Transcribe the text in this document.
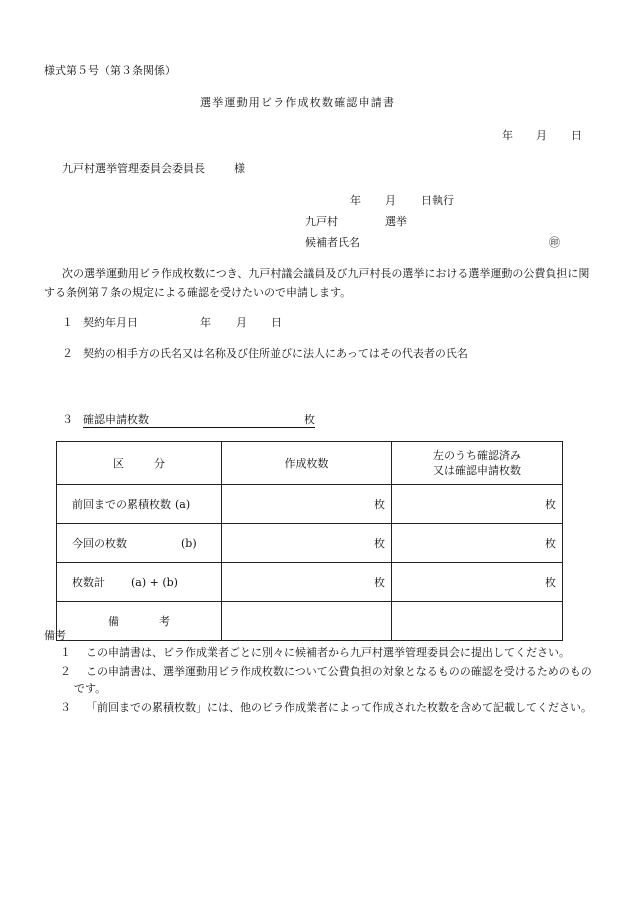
様式第５号（第３条関係）
選挙運動用ビラ作成枚数確認申請書
年 月 日
九戸村選挙管理委員会委員長	様
年 月 日執行
九戸村	選挙
候補者氏名	㊞
次の選挙運動用ビラ作成枚数につき、九戸村議会議員及び九戸村長の選挙における選挙運動の公費負担に関する条例第７条の規定による確認を受けたいので申請します。
１ 契約年月日	年 月 日
２ 契約の相手方の氏名又は名称及び住所並びに法人にあってはその代表者の氏名
３ 確認申請枚数	枚
区分	作成枚数	左のうち確認済み
又は確認申請枚数

前回までの累積枚数 (a)	枚	枚
今回の枚数 (b)	枚	枚
枚数計 (a) + (b)	枚	枚
備考		
備考
１	この申請書は、ビラ作成業者ごとに別々に候補者から九戸村選挙管理委員会に提出してください。
２	この申請書は、選挙運動用ビラ作成枚数について公費負担の対象となるものの確認を受けるためのものです。
３	「前回までの累積枚数」には、他のビラ作成業者によって作成された枚数を含めて記載してください。
